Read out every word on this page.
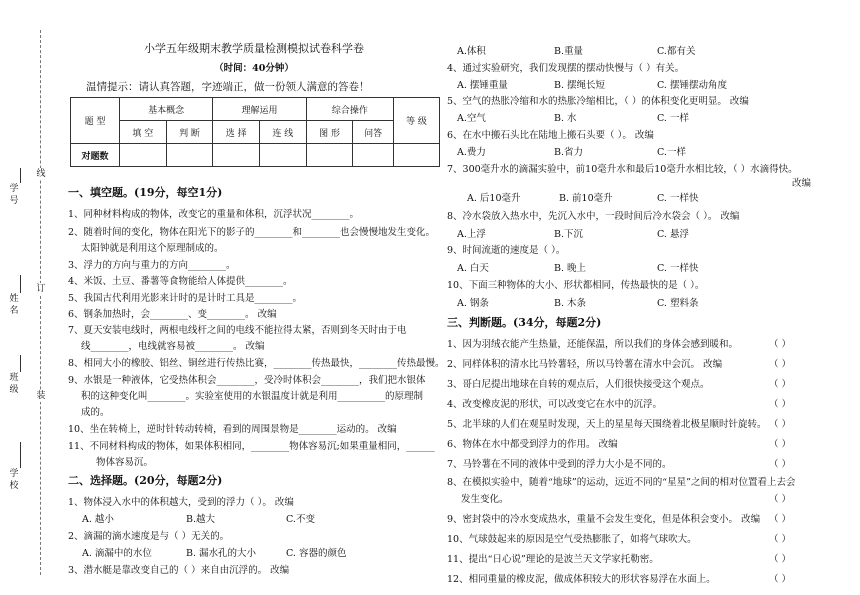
学号
线
姓名
订
班级
装
学校
小学五年级期末教学质量检测模拟试卷科学卷
（时间：40分钟）
温情提示：请认真答题，字迹端正，做一份领人满意的答卷！
题 型	基本概念		理解运用		综合操作		等 级
	填 空	判 断	选 择	连 线	图 形	问答	
对题数							
一、填空题。(19分，每空1分)
1、同种材料构成的物体，改变它的重量和体积，沉浮状况________。
2、随着时间的变化，物体在阳光下的影子的________和________也会慢慢地发生变化。
太阳钟就是利用这个原理制成的。
3、浮力的方向与重力的方向________。
4、米饭、土豆、番薯等食物能给人体提供________。
5、我国古代利用光影来计时的是计时工具是________。
6、钢条加热时，会________、变________。 改编
7、夏天安装电线时，两根电线杆之间的电线不能拉得太紧，否则到冬天时由于电
线________，电线就容易被________。 改编
8、相同大小的橡胶、铝丝、铜丝进行传热比赛，________传热最快，________传热最慢。
9、水银是一种液体，它受热体积会________，受冷时体积会________，我们把水银体
积的这种变化叫________。实验室使用的水银温度计就是利用__________的原理制
成的。
10、坐在转椅上，逆时针转动转椅，看到的周围景物是________运动的。 改编
11、不同材料构成的物体，如果体积相同，________物体容易沉;如果重量相同，______
物体容易沉。
二、选择题。(20分，每题2分)
1、物体浸入水中的体积越大，受到的浮力（ ）。 改编
A. 越小	B.越大	C.不变
2、滴漏的滴水速度是与（ ）无关的。
A. 滴漏中的水位	B. 漏水孔的大小	C. 容器的颜色
3、潜水艇是靠改变自己的（ ）来自由沉浮的。 改编
A.体积	B.重量	C.都有关
4、通过实验研究，我们发现摆的摆动快慢与（ ）有关。
A. 摆锤重量	B. 摆绳长短	C. 摆锤摆动角度
5、空气的热胀冷缩和水的热胀冷缩相比，（ ）的体积变化更明显。 改编
A.空气	B. 水	C. 一样
6、在水中搬石头比在陆地上搬石头要（ ）。 改编
A.费力	B.省力	C.一样
7、300毫升水的滴漏实验中，前10毫升水和最后10毫升水相比较，（ ）水滴得快。
改编
A. 后10毫升	B. 前10毫升	C. 一样快
8、冷水袋放入热水中，先沉入水中，一段时间后冷水袋会（ ）。 改编
A.上浮	B.下沉	C. 悬浮
9、时间流逝的速度是（ ）。
A. 白天	B. 晚上	C. 一样快
10、下面三种物体的大小、形状都相同，传热最快的是（ ）。
A. 钢条	B. 木条	C. 塑料条
三、判断题。(34分，每题2分)
1、因为羽绒衣能产生热量，还能保温，所以我们的身体会感到暖和。	（ ）
2、同样体积的清水比马铃薯轻，所以马铃薯在清水中会沉。 改编	（ ）
3、哥白尼提出地球在自转的观点后，人们很快接受这个观点。	（ ）
4、改变橡皮泥的形状，可以改变它在水中的沉浮。	（ ）
5、北半球的人们在观星时发现，天上的星星每天围绕着北极星顺时针旋转。 （ ）
6、物体在水中都受到浮力的作用。 改编	（ ）
7、马铃薯在不同的液体中受到的浮力大小是不同的。	（ ）
8、在模拟实验中，随着“地球”的运动，远近不同的“星星”之间的相对位置看上去会
发生变化。	（ ）
9、密封袋中的冷水变成热水，重量不会发生变化，但是体积会变小。 改编 （ ）
10、气球鼓起来的原因是空气受热膨胀了，如将气球吹大。	（ ）
11、提出“日心说”理论的是波兰天文学家托勒密。	（ ）
12、相同重量的橡皮泥，做成体积较大的形状容易浮在水面上。	（ ）
